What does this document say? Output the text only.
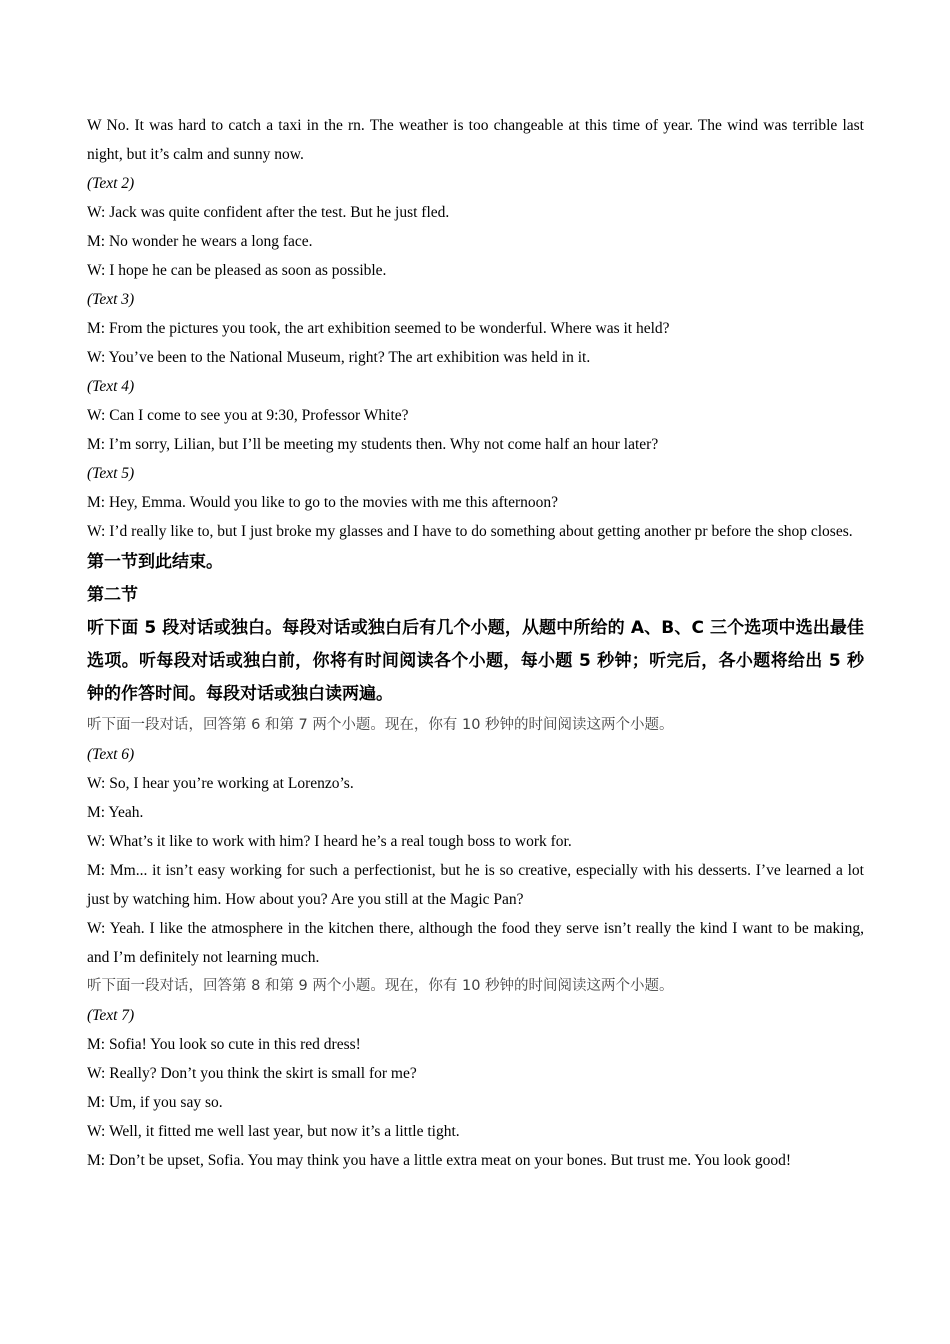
W No. It was hard to catch a taxi in the rn. The weather is too changeable at this time of year. The wind was terrible last night, but it’s calm and sunny now.

(Text 2)

W: Jack was quite confident after the test. But he just fled.

M: No wonder he wears a long face.

W: I hope he can be pleased as soon as possible.

(Text 3)

M: From the pictures you took, the art exhibition seemed to be wonderful. Where was it held?

W: You’ve been to the National Museum, right? The art exhibition was held in it.

(Text 4)

W: Can I come to see you at 9:30, Professor White?

M: I’m sorry, Lilian, but I’ll be meeting my students then. Why not come half an hour later?

(Text 5)

M: Hey, Emma. Would you like to go to the movies with me this afternoon?

W: I’d really like to, but I just broke my glasses and I have to do something about getting another pr before the shop closes.

第一节到此结束。

第二节

听下面 5 段对话或独白。每段对话或独白后有几个小题，从题中所给的 A、B、C 三个选项中选出最佳选项。听每段对话或独白前，你将有时间阅读各个小题，每小题 5 秒钟；听完后，各小题将给出 5 秒钟的作答时间。每段对话或独白读两遍。

听下面一段对话，回答第 6 和第 7 两个小题。现在，你有 10 秒钟的时间阅读这两个小题。

(Text 6)

W: So, I hear you’re working at Lorenzo’s.

M: Yeah.

W: What’s it like to work with him? I heard he’s a real tough boss to work for.

M: Mm... it isn’t easy working for such a perfectionist, but he is so creative, especially with his desserts. I’ve learned a lot just by watching him. How about you? Are you still at the Magic Pan?

W: Yeah. I like the atmosphere in the kitchen there, although the food they serve isn’t really the kind I want to be making, and I’m definitely not learning much.

听下面一段对话，回答第 8 和第 9 两个小题。现在，你有 10 秒钟的时间阅读这两个小题。

(Text 7)

M: Sofia! You look so cute in this red dress!

W: Really? Don’t you think the skirt is small for me?

M: Um, if you say so.

W: Well, it fitted me well last year, but now it’s a little tight.

M: Don’t be upset, Sofia. You may think you have a little extra meat on your bones. But trust me. You look good!
